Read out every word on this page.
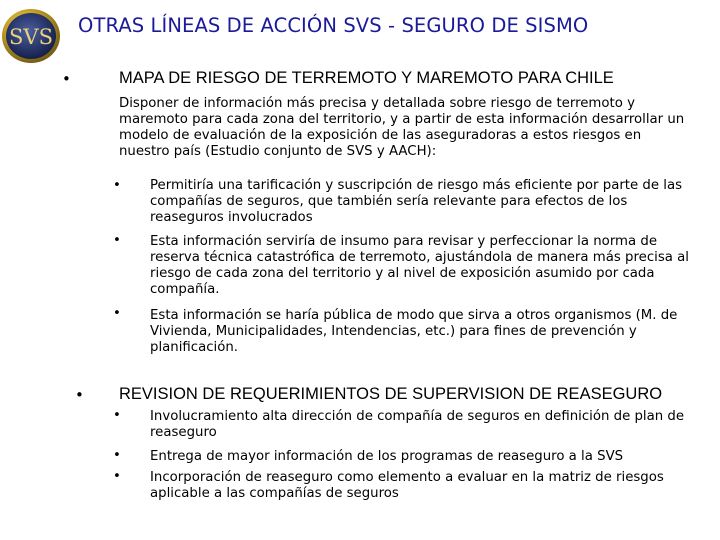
SVS OTRAS LÍNEAS DE ACCIÓN SVS - SEGURO DE SISMO
•	MAPA DE RIESGO DE TERREMOTO Y MAREMOTO PARA CHILE
Disponer de información más precisa y detallada sobre riesgo de terremoto y maremoto para cada zona del territorio, y a partir de esta información desarrollar un modelo de evaluación de la exposición de las aseguradoras a estos riesgos en nuestro país (Estudio conjunto de SVS y AACH):
• Permitiría una tarificación y suscripción de riesgo más eficiente por parte de las compañías de seguros, que también sería relevante para efectos de los reaseguros involucrados
• Esta información serviría de insumo para revisar y perfeccionar la norma de reserva técnica catastrófica de terremoto, ajustándola de manera más precisa al riesgo de cada zona del territorio y al nivel de exposición asumido por cada compañía.
• Esta información se haría pública de modo que sirva a otros organismos (M. de Vivienda, Municipalidades, Intendencias, etc.) para fines de prevención y planificación.
• REVISION DE REQUERIMIENTOS DE SUPERVISION DE REASEGURO
• Involucramiento alta dirección de compañía de seguros en definición de plan de reaseguro
• Entrega de mayor información de los programas de reaseguro a la SVS
• Incorporación de reaseguro como elemento a evaluar en la matriz de riesgos aplicable a las compañías de seguros
